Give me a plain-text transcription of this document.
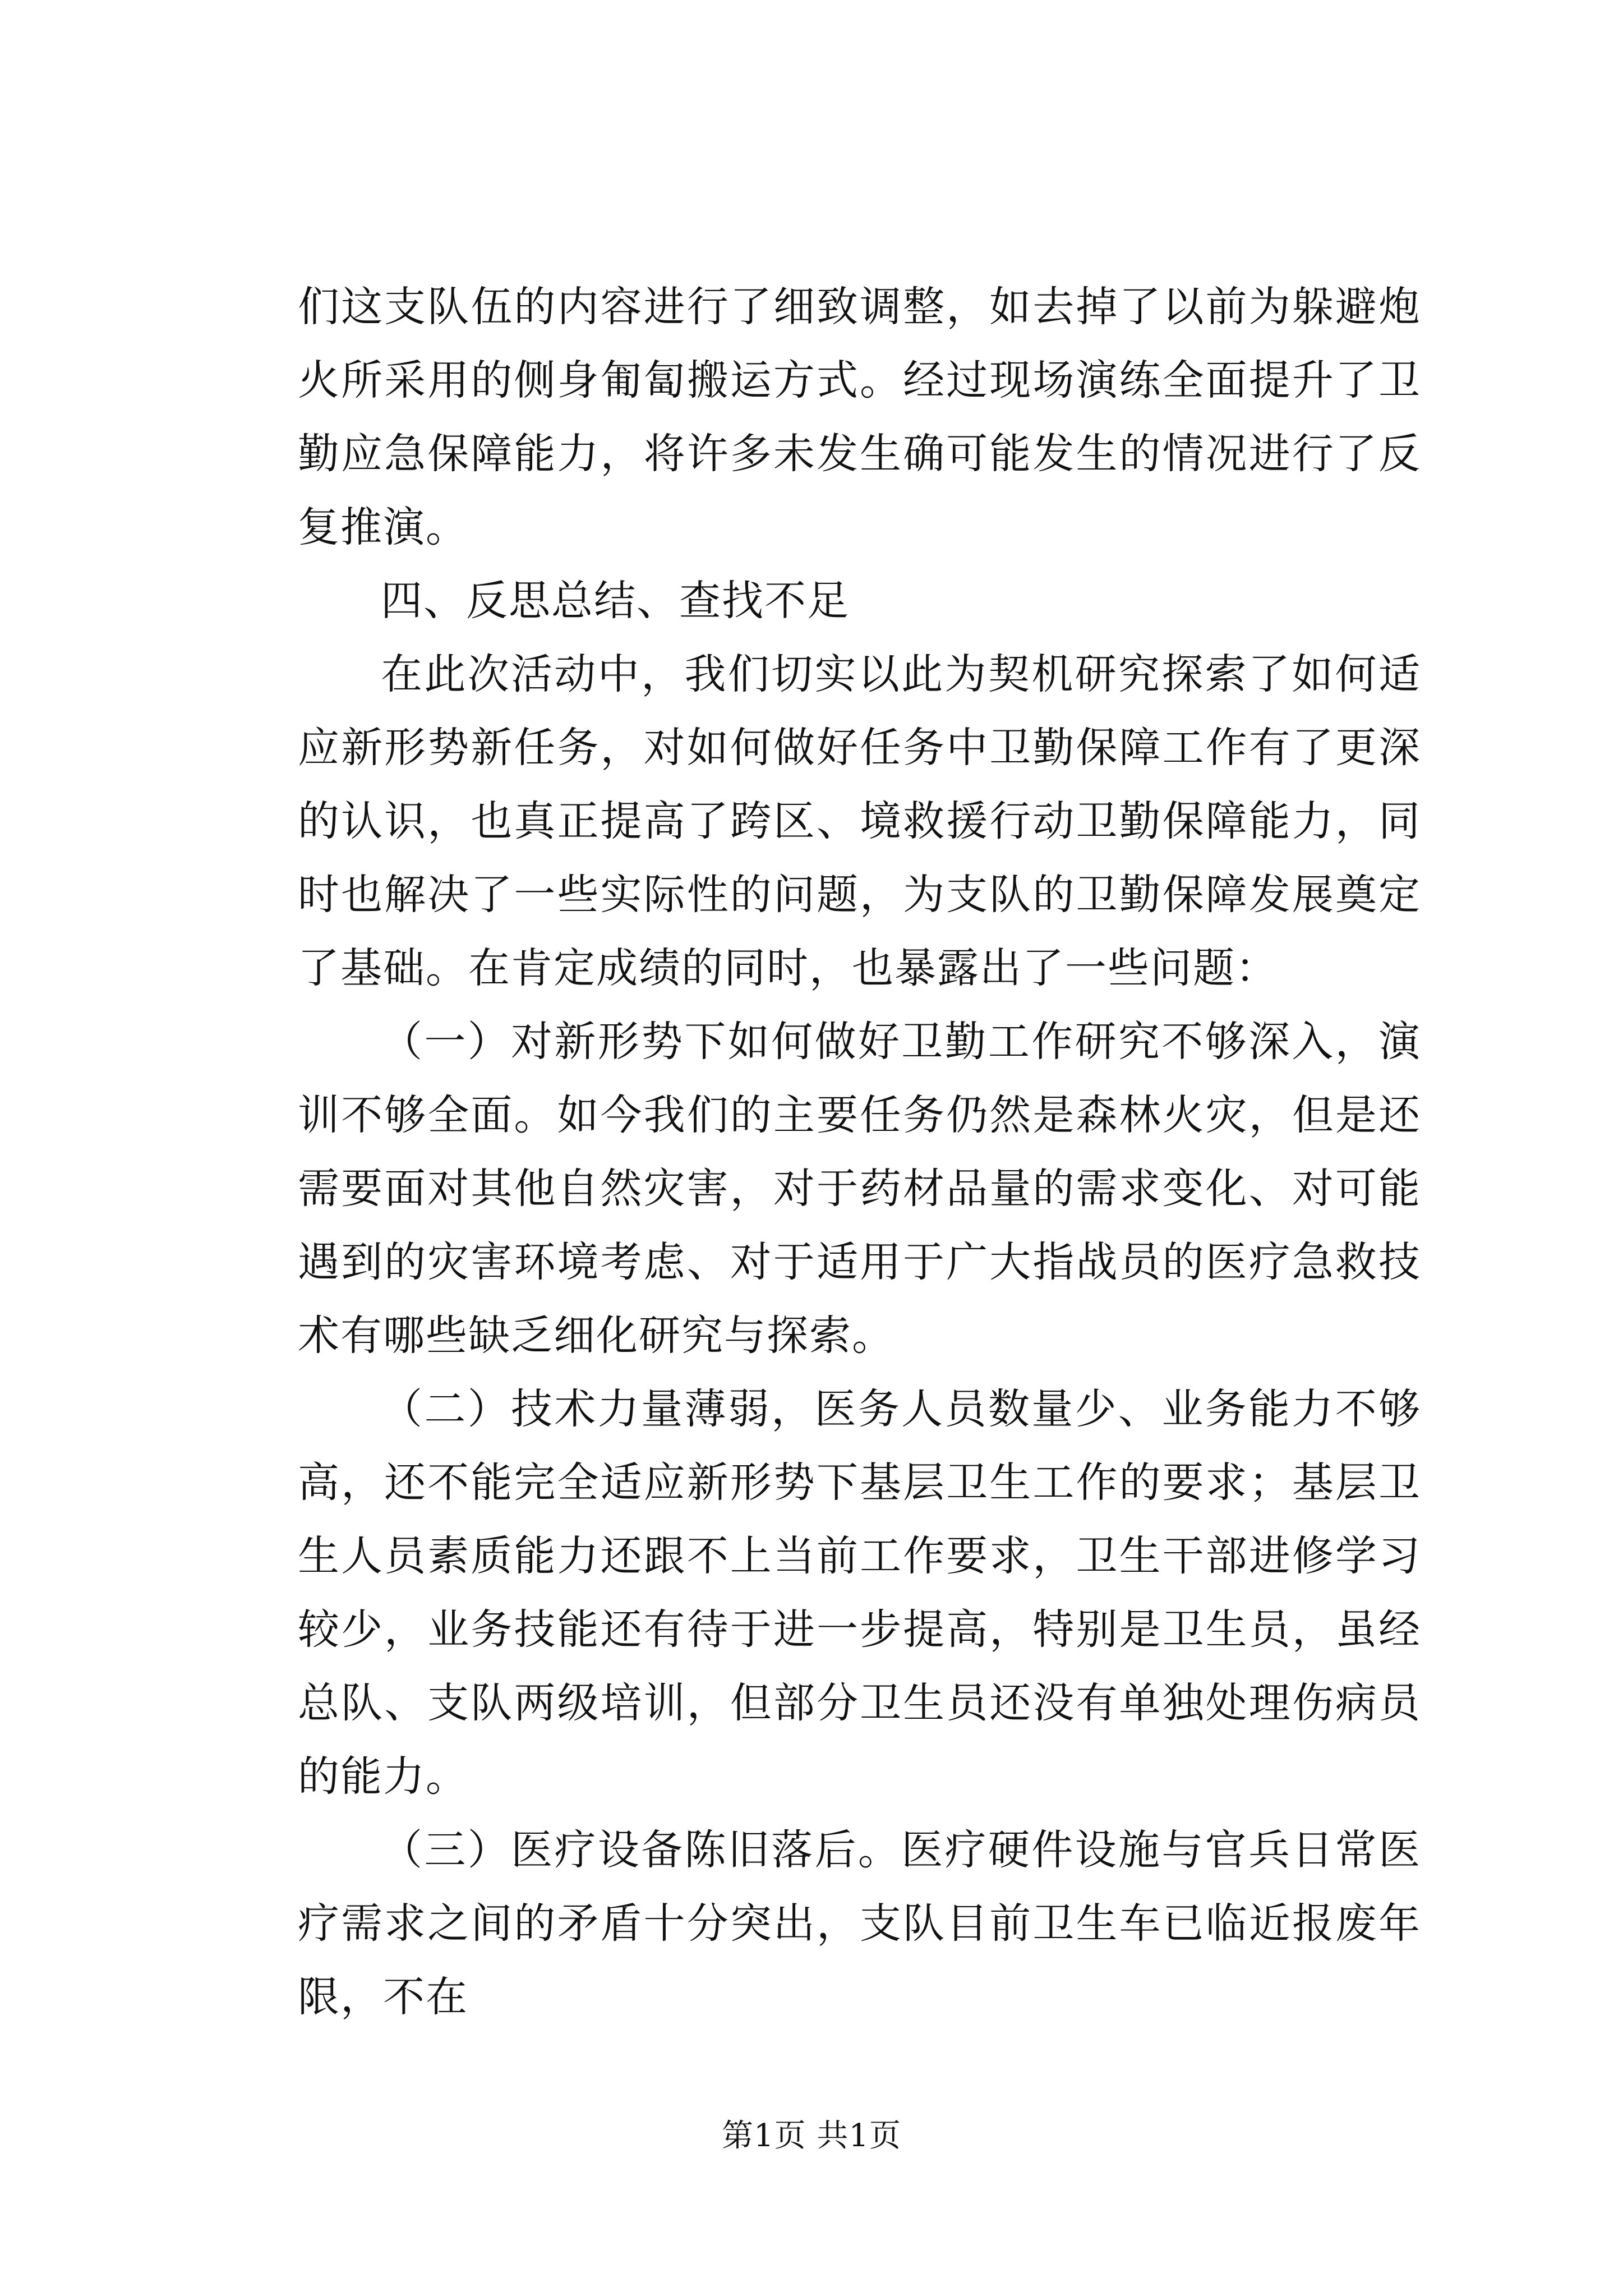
们这支队伍的内容进行了细致调整，如去掉了以前为躲避炮火所采用的侧身匍匐搬运方式。经过现场演练全面提升了卫勤应急保障能力，将许多未发生确可能发生的情况进行了反复推演。

四、反思总结、查找不足

在此次活动中，我们切实以此为契机研究探索了如何适应新形势新任务，对如何做好任务中卫勤保障工作有了更深的认识，也真正提高了跨区、境救援行动卫勤保障能力，同时也解决了一些实际性的问题，为支队的卫勤保障发展奠定了基础。在肯定成绩的同时，也暴露出了一些问题：

（一）对新形势下如何做好卫勤工作研究不够深入，演训不够全面。如今我们的主要任务仍然是森林火灾，但是还需要面对其他自然灾害，对于药材品量的需求变化、对可能遇到的灾害环境考虑、对于适用于广大指战员的医疗急救技术有哪些缺乏细化研究与探索。

（二）技术力量薄弱，医务人员数量少、业务能力不够高，还不能完全适应新形势下基层卫生工作的要求；基层卫生人员素质能力还跟不上当前工作要求，卫生干部进修学习较少，业务技能还有待于进一步提高，特别是卫生员，虽经总队、支队两级培训，但部分卫生员还没有单独处理伤病员的能力。

（三）医疗设备陈旧落后。医疗硬件设施与官兵日常医疗需求之间的矛盾十分突出，支队目前卫生车已临近报废年限，不在

第1页 共1页
